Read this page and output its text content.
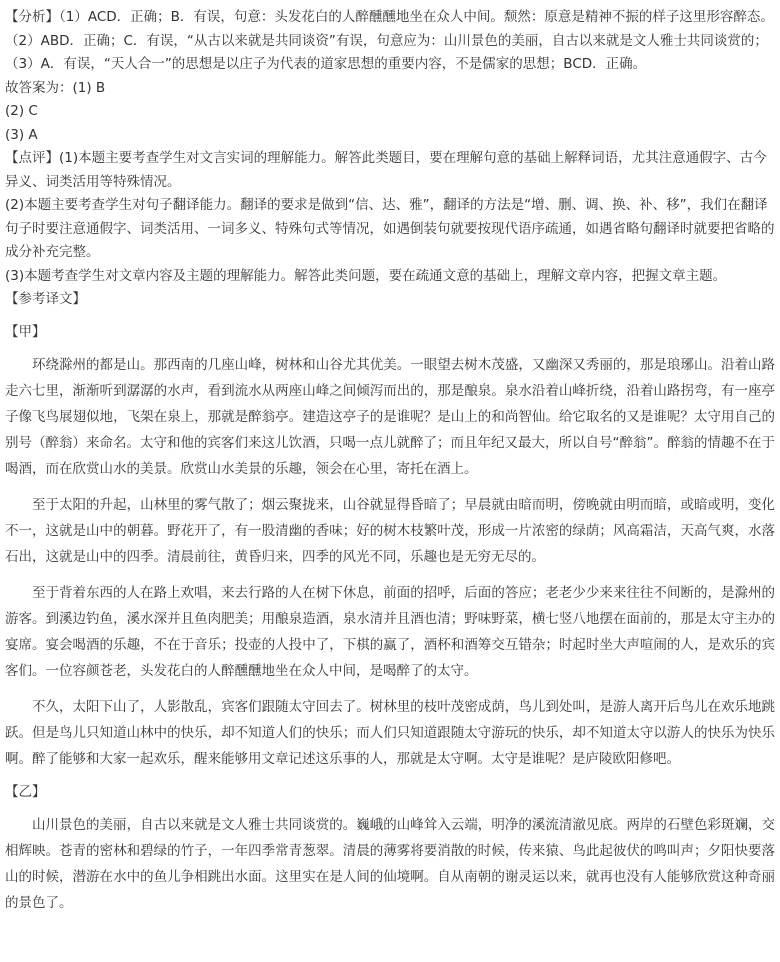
【分析】（1）ACD．正确；B．有误，句意：头发花白的人醉醺醺地坐在众人中间。颓然：原意是精神不振的样子这里形容醉态。
（2）ABD．正确；C．有误，“从古以来就是共同谈资”有误，句意应为：山川景色的美丽，自古以来就是文人雅士共同谈赏的；
（3）A．有误，“天人合一”的思想是以庄子为代表的道家思想的重要内容，不是儒家的思想；BCD．正确。
故答案为：(1) B
(2) C
(3) A
【点评】(1)本题主要考查学生对文言实词的理解能力。解答此类题目，要在理解句意的基础上解释词语，尤其注意通假字、古今异义、词类活用等特殊情况。
(2)本题主要考查学生对句子翻译能力。翻译的要求是做到“信、达、雅”，翻译的方法是“增、删、调、换、补、移”，我们在翻译句子时要注意通假字、词类活用、一词多义、特殊句式等情况，如遇倒装句就要按现代语序疏通，如遇省略句翻译时就要把省略的成分补充完整。
(3)本题考查学生对文章内容及主题的理解能力。解答此类问题，要在疏通文意的基础上，理解文章内容，把握文章主题。
【参考译文】
【甲】

环绕滁州的都是山。那西南的几座山峰，树林和山谷尤其优美。一眼望去树木茂盛，又幽深又秀丽的，那是琅琊山。沿着山路走六七里，渐渐听到潺潺的水声，看到流水从两座山峰之间倾泻而出的，那是酿泉。泉水沿着山峰折绕，沿着山路拐弯，有一座亭子像飞鸟展翅似地，飞架在泉上，那就是醉翁亭。建造这亭子的是谁呢？是山上的和尚智仙。给它取名的又是谁呢？太守用自己的别号（醉翁）来命名。太守和他的宾客们来这儿饮酒，只喝一点儿就醉了；而且年纪又最大，所以自号“醉翁”。醉翁的情趣不在于喝酒，而在欣赏山水的美景。欣赏山水美景的乐趣，领会在心里，寄托在酒上。

至于太阳的升起，山林里的雾气散了；烟云聚拢来，山谷就显得昏暗了；早晨就由暗而明，傍晚就由明而暗，或暗或明，变化不一，这就是山中的朝暮。野花开了，有一股清幽的香味；好的树木枝繁叶茂，形成一片浓密的绿荫；风高霜洁，天高气爽，水落石出，这就是山中的四季。清晨前往，黄昏归来，四季的风光不同，乐趣也是无穷无尽的。

至于背着东西的人在路上欢唱，来去行路的人在树下休息，前面的招呼，后面的答应；老老少少来来往往不间断的，是滁州的游客。到溪边钓鱼，溪水深并且鱼肉肥美；用酿泉造酒，泉水清并且酒也清；野味野菜，横七竖八地摆在面前的，那是太守主办的宴席。宴会喝酒的乐趣，不在于音乐；投壶的人投中了，下棋的赢了，酒杯和酒筹交互错杂；时起时坐大声喧闹的人，是欢乐的宾客们。一位容颜苍老，头发花白的人醉醺醺地坐在众人中间，是喝醉了的太守。

不久，太阳下山了，人影散乱，宾客们跟随太守回去了。树林里的枝叶茂密成荫，鸟儿到处叫，是游人离开后鸟儿在欢乐地跳跃。但是鸟儿只知道山林中的快乐，却不知道人们的快乐；而人们只知道跟随太守游玩的快乐，却不知道太守以游人的快乐为快乐啊。醉了能够和大家一起欢乐，醒来能够用文章记述这乐事的人，那就是太守啊。太守是谁呢？是庐陵欧阳修吧。

【乙】

山川景色的美丽，自古以来就是文人雅士共同谈赏的。巍峨的山峰耸入云端，明净的溪流清澈见底。两岸的石壁色彩斑斓，交相辉映。苍青的密林和碧绿的竹子，一年四季常青葱翠。清晨的薄雾将要消散的时候，传来猿、鸟此起彼伏的鸣叫声；夕阳快要落山的时候，潜游在水中的鱼儿争相跳出水面。这里实在是人间的仙境啊。自从南朝的谢灵运以来，就再也没有人能够欣赏这种奇丽的景色了。
